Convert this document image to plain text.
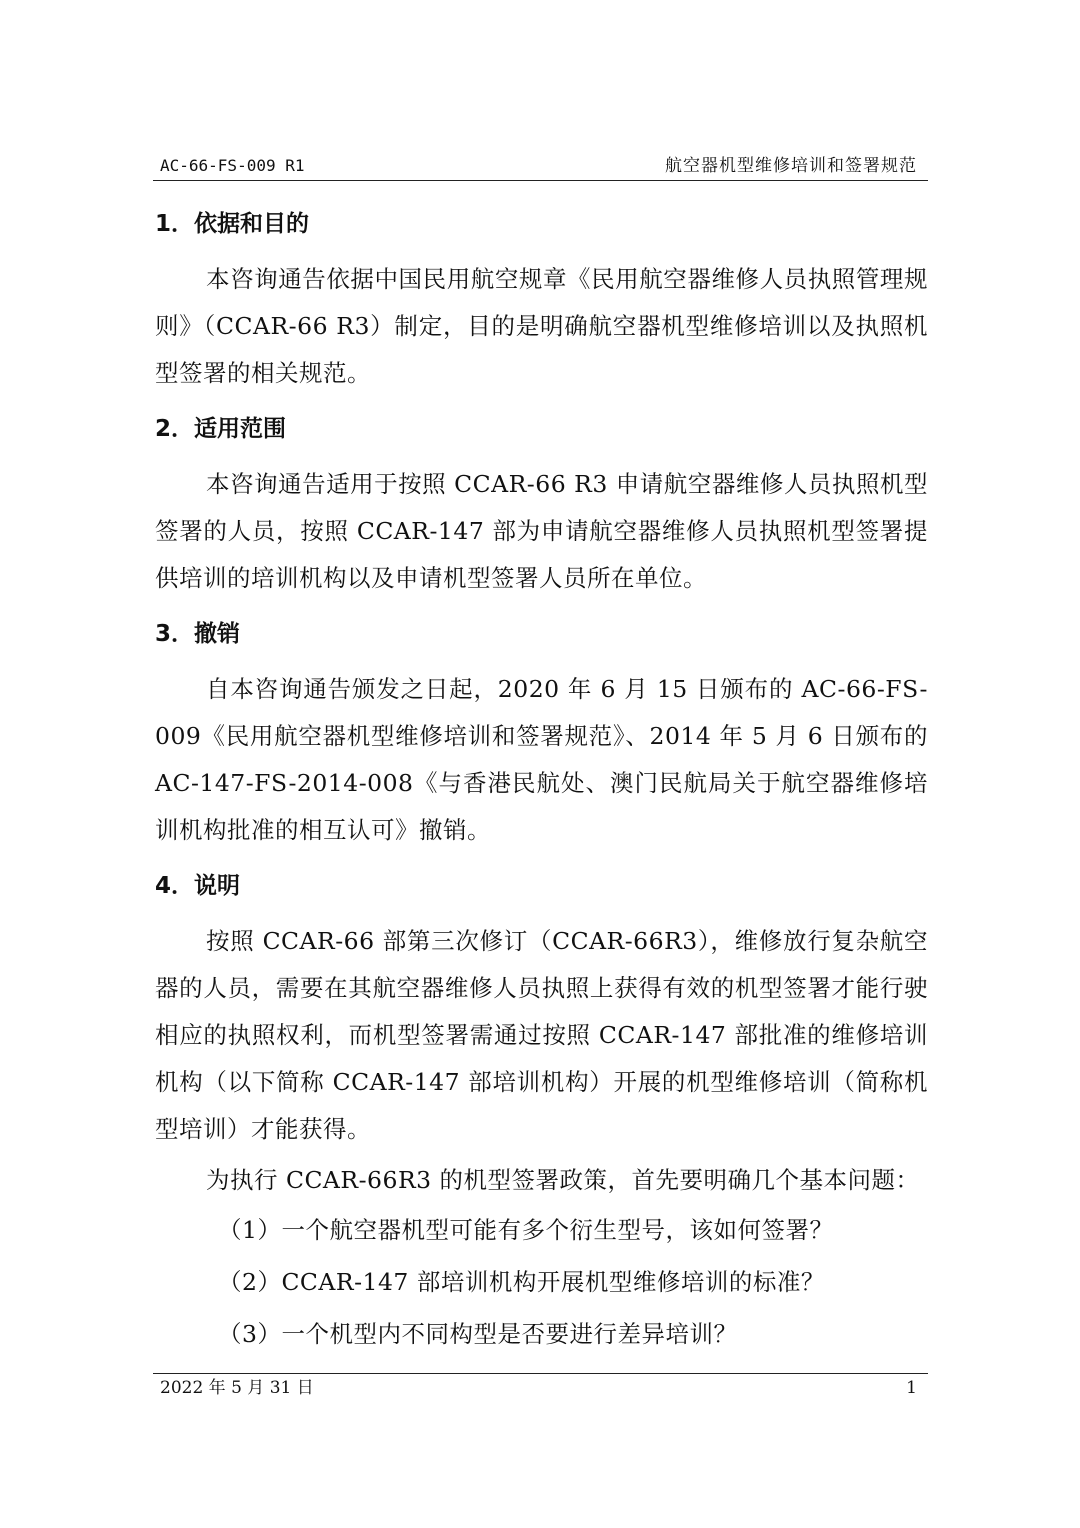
AC-66-FS-009 R1	航空器机型维修培训和签署规范
1．依据和目的

本咨询通告依据中国民用航空规章《民用航空器维修人员执照管理规则》（CCAR-66 R3）制定，目的是明确航空器机型维修培训以及执照机型签署的相关规范。

2．适用范围

本咨询通告适用于按照 CCAR-66 R3 申请航空器维修人员执照机型签署的人员，按照 CCAR-147 部为申请航空器维修人员执照机型签署提供培训的培训机构以及申请机型签署人员所在单位。

3．撤销

自本咨询通告颁发之日起，2020 年 6 月 15 日颁布的 AC-66-FS-009《民用航空器机型维修培训和签署规范》、2014 年 5 月 6 日颁布的 AC-147-FS-2014-008《与香港民航处、澳门民航局关于航空器维修培训机构批准的相互认可》撤销。

4．说明

按照 CCAR-66 部第三次修订（CCAR-66R3），维修放行复杂航空器的人员，需要在其航空器维修人员执照上获得有效的机型签署才能行驶相应的执照权利，而机型签署需通过按照 CCAR-147 部批准的维修培训机构（以下简称 CCAR-147 部培训机构）开展的机型维修培训（简称机型培训）才能获得。

为执行 CCAR-66R3 的机型签署政策，首先要明确几个基本问题：

（1）一个航空器机型可能有多个衍生型号，该如何签署？

（2）CCAR-147 部培训机构开展机型维修培训的标准？

（3）一个机型内不同构型是否要进行差异培训？

2022 年 5 月 31 日	1
